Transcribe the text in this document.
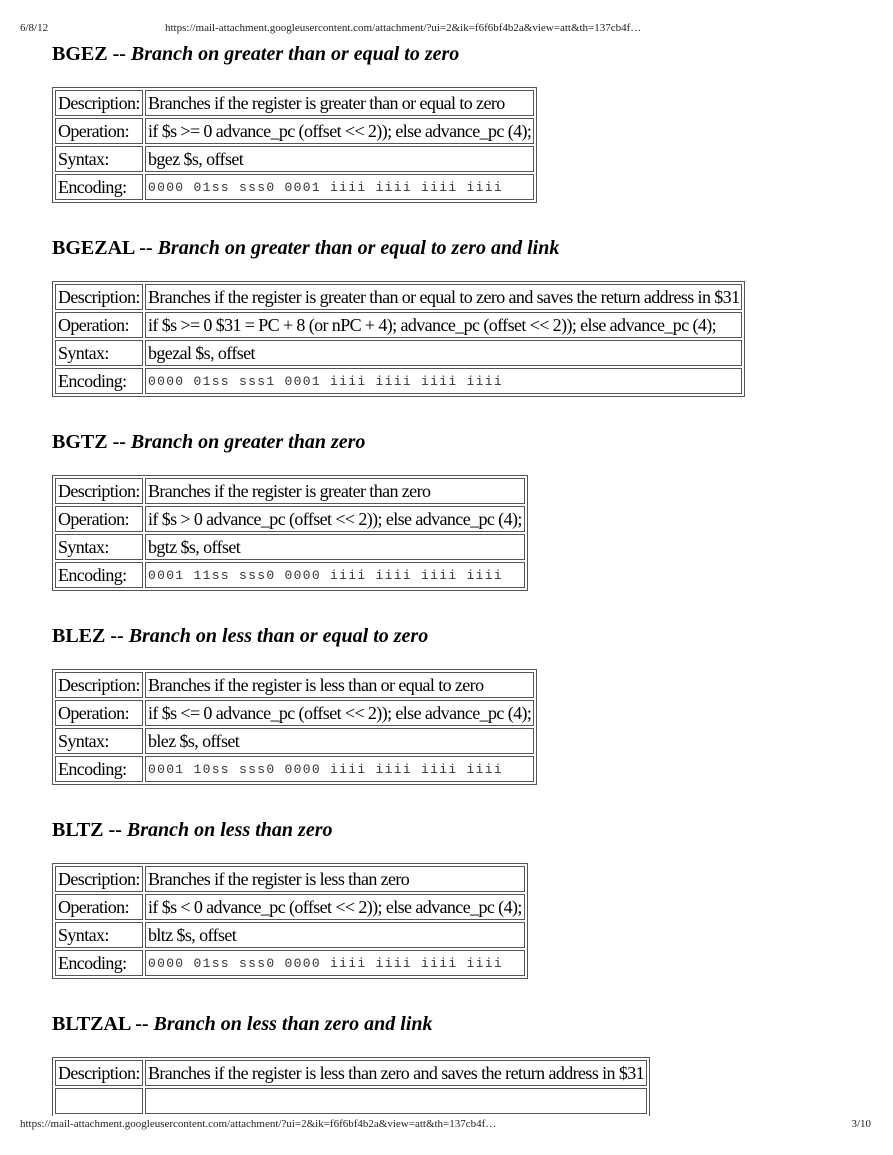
6/8/12	https://mail-attachment.googleusercontent.com/attachment/?ui=2&ik=f6f6bf4b2a&view=att&th=137cb4f…
BGEZ -- Branch on greater than or equal to zero
Description:	Branches if the register is greater than or equal to zero
Operation:	if $s >= 0 advance_pc (offset << 2)); else advance_pc (4);
Syntax:	bgez $s, offset
Encoding:	0000 01ss sss0 0001 iiii iiii iiii iiii
BGEZAL -- Branch on greater than or equal to zero and link
Description:	Branches if the register is greater than or equal to zero and saves the return address in $31
Operation:	if $s >= 0 $31 = PC + 8 (or nPC + 4); advance_pc (offset << 2)); else advance_pc (4);
Syntax:	bgezal $s, offset
Encoding:	0000 01ss sss1 0001 iiii iiii iiii iiii
BGTZ -- Branch on greater than zero
Description:	Branches if the register is greater than zero
Operation:	if $s > 0 advance_pc (offset << 2)); else advance_pc (4);
Syntax:	bgtz $s, offset
Encoding:	0001 11ss sss0 0000 iiii iiii iiii iiii
BLEZ -- Branch on less than or equal to zero
Description:	Branches if the register is less than or equal to zero
Operation:	if $s <= 0 advance_pc (offset << 2)); else advance_pc (4);
Syntax:	blez $s, offset
Encoding:	0001 10ss sss0 0000 iiii iiii iiii iiii
BLTZ -- Branch on less than zero
Description:	Branches if the register is less than zero
Operation:	if $s < 0 advance_pc (offset << 2)); else advance_pc (4);
Syntax:	bltz $s, offset
Encoding:	0000 01ss sss0 0000 iiii iiii iiii iiii
BLTZAL -- Branch on less than zero and link
Description:	Branches if the register is less than zero and saves the return address in $31

https://mail-attachment.googleusercontent.com/attachment/?ui=2&ik=f6f6bf4b2a&view=att&th=137cb4f…	3/10
